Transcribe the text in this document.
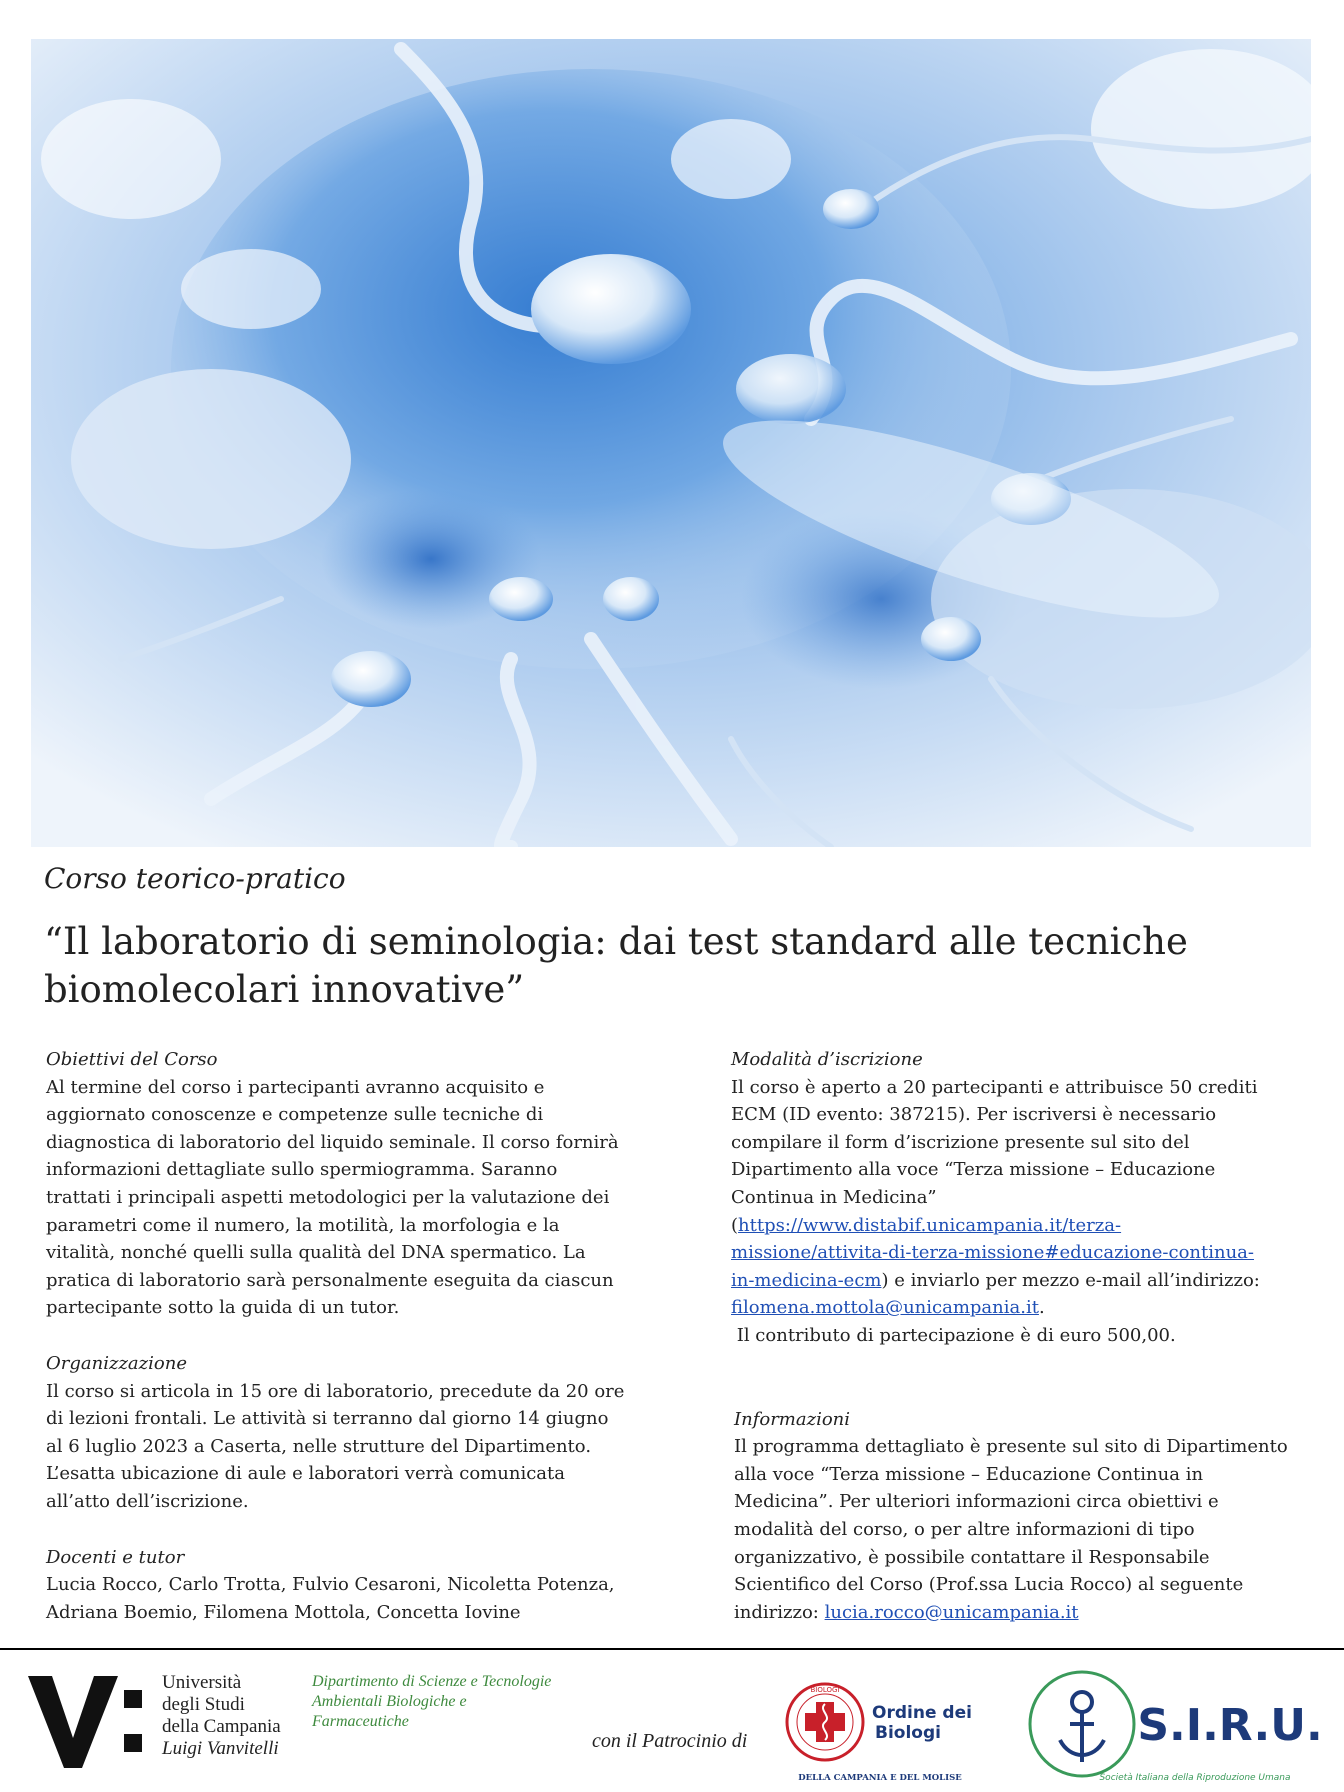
Corso teorico-pratico
“Il laboratorio di seminologia: dai test standard alle tecniche
biomolecolari innovative”
Obiettivi del Corso

Al termine del corso i partecipanti avranno acquisito e
aggiornato conoscenze e competenze sulle tecniche di
diagnostica di laboratorio del liquido seminale. Il corso fornirà
informazioni dettagliate sullo spermiogramma. Saranno
trattati i principali aspetti metodologici per la valutazione dei
parametri come il numero, la motilità, la morfologia e la
vitalità, nonché quelli sulla qualità del DNA spermatico. La
pratica di laboratorio sarà personalmente eseguita da ciascun
partecipante sotto la guida di un tutor.

Organizzazione

Il corso si articola in 15 ore di laboratorio, precedute da 20 ore
di lezioni frontali. Le attività si terranno dal giorno 14 giugno
al 6 luglio 2023 a Caserta, nelle strutture del Dipartimento.
L’esatta ubicazione di aule e laboratori verrà comunicata
all’atto dell’iscrizione.

Docenti e tutor

Lucia Rocco, Carlo Trotta, Fulvio Cesaroni, Nicoletta Potenza,
Adriana Boemio, Filomena Mottola, Concetta Iovine

Modalità d’iscrizione

Il corso è aperto a 20 partecipanti e attribuisce 50 crediti
ECM (ID evento: 387215). Per iscriversi è necessario
compilare il form d’iscrizione presente sul sito del
Dipartimento alla voce “Terza missione – Educazione
Continua in Medicina”
(https://www.distabif.unicampania.it/terza-
missione/attivita-di-terza-missione#educazione-continua-
in-medicina-ecm) e inviarlo per mezzo e-mail all’indirizzo:
filomena.mottola@unicampania.it.
Il contributo di partecipazione è di euro 500,00.

Informazioni

Il programma dettagliato è presente sul sito di Dipartimento
alla voce “Terza missione – Educazione Continua in
Medicina”. Per ulteriori informazioni circa obiettivi e
modalità del corso, o per altre informazioni di tipo
organizzativo, è possibile contattare il Responsabile
Scientifico del Corso (Prof.ssa Lucia Rocco) al seguente
indirizzo: lucia.rocco@unicampania.it

Università
degli Studi
della Campania
Luigi Vanvitelli
Dipartimento di Scienze e Tecnologie
Ambientali Biologiche e
Farmaceutiche
con il Patrocinio di
BIOLOGI
Ordine dei
Biologi
DELLA CAMPANIA E DEL MOLISE
S.I.R.U.
Società Italiana della Riproduzione Umana
